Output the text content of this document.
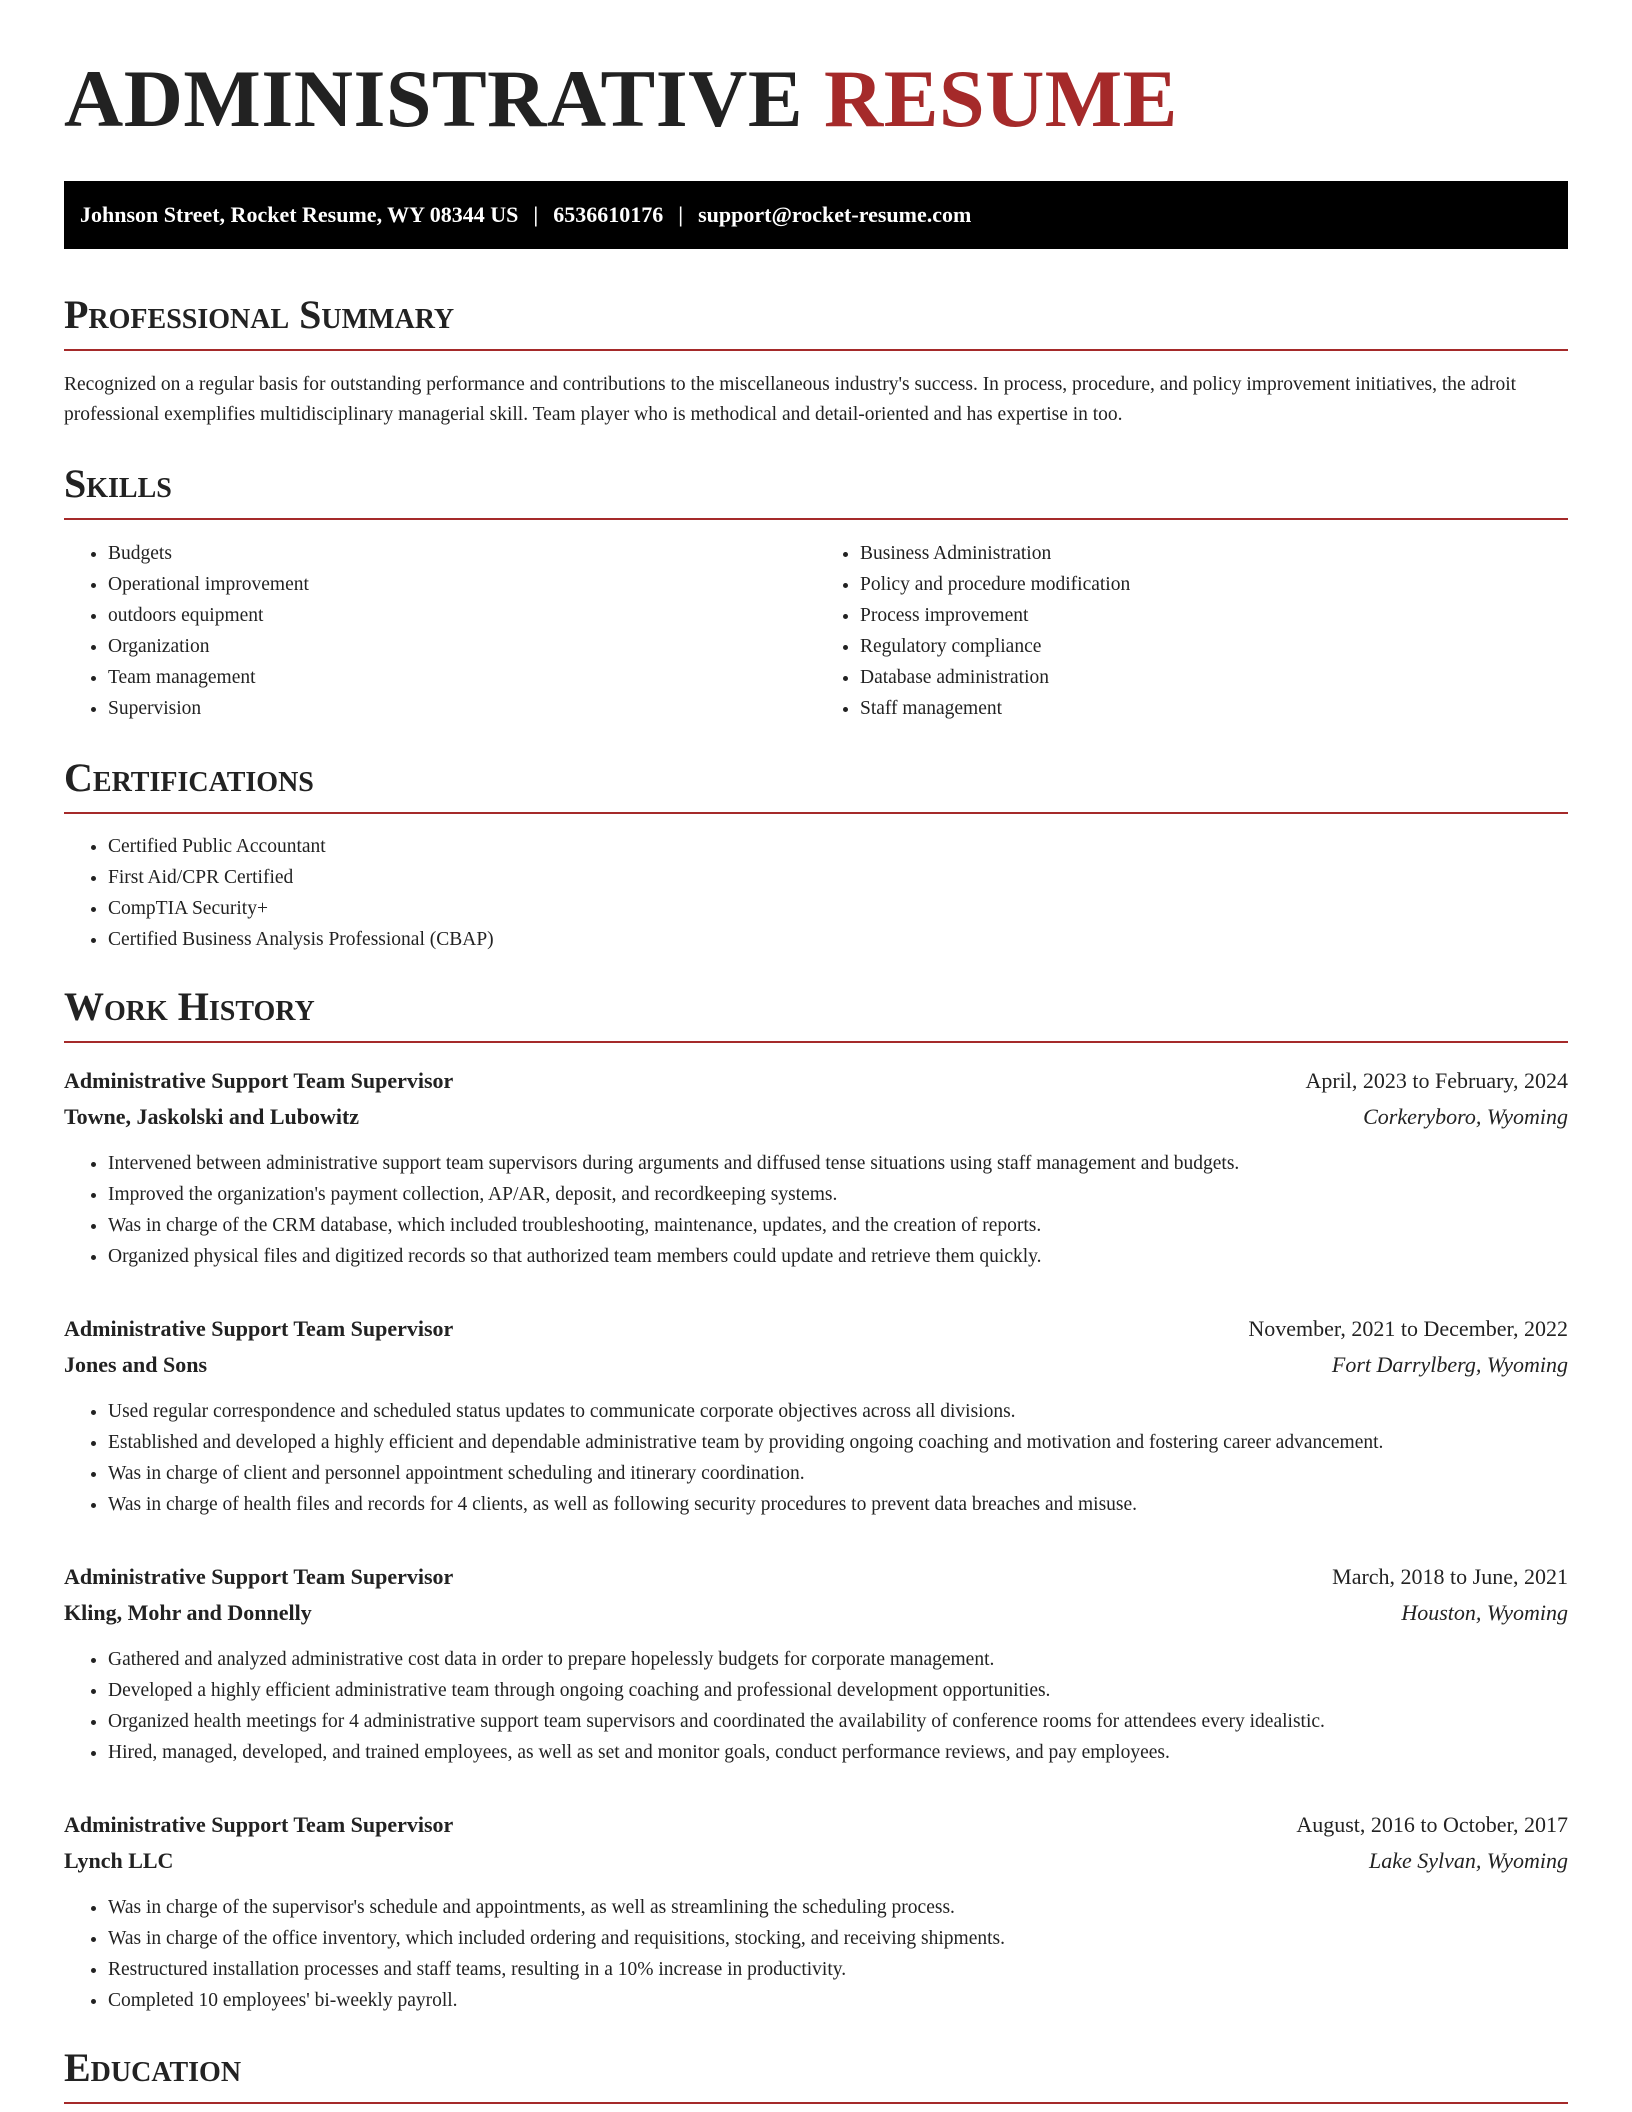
ADMINISTRATIVE RESUME
Johnson Street, Rocket Resume, WY 08344 US | 6536610176 | support@rocket-resume.com
Professional Summary

Recognized on a regular basis for outstanding performance and contributions to the miscellaneous industry's success. In process, procedure, and policy improvement initiatives, the adroit professional exemplifies multidisciplinary managerial skill. Team player who is methodical and detail-oriented and has expertise in too.

Skills
• Budgets
• Operational improvement
• outdoors equipment
• Organization
• Team management
• Supervision
• Business Administration
• Policy and procedure modification
• Process improvement
• Regulatory compliance
• Database administration
• Staff management
Certifications
• Certified Public Accountant
• First Aid/CPR Certified
• CompTIA Security+
• Certified Business Analysis Professional (CBAP)
Work History
Administrative Support Team Supervisor	April, 2023 to February, 2024
Towne, Jaskolski and Lubowitz	Corkeryboro, Wyoming
• Intervened between administrative support team supervisors during arguments and diffused tense situations using staff management and budgets.
• Improved the organization's payment collection, AP/AR, deposit, and recordkeeping systems.
• Was in charge of the CRM database, which included troubleshooting, maintenance, updates, and the creation of reports.
• Organized physical files and digitized records so that authorized team members could update and retrieve them quickly.
Administrative Support Team Supervisor	November, 2021 to December, 2022
Jones and Sons	Fort Darrylberg, Wyoming
• Used regular correspondence and scheduled status updates to communicate corporate objectives across all divisions.
• Established and developed a highly efficient and dependable administrative team by providing ongoing coaching and motivation and fostering career advancement.
• Was in charge of client and personnel appointment scheduling and itinerary coordination.
• Was in charge of health files and records for 4 clients, as well as following security procedures to prevent data breaches and misuse.
Administrative Support Team Supervisor	March, 2018 to June, 2021
Kling, Mohr and Donnelly	Houston, Wyoming
• Gathered and analyzed administrative cost data in order to prepare hopelessly budgets for corporate management.
• Developed a highly efficient administrative team through ongoing coaching and professional development opportunities.
• Organized health meetings for 4 administrative support team supervisors and coordinated the availability of conference rooms for attendees every idealistic.
• Hired, managed, developed, and trained employees, as well as set and monitor goals, conduct performance reviews, and pay employees.
Administrative Support Team Supervisor	August, 2016 to October, 2017
Lynch LLC	Lake Sylvan, Wyoming
• Was in charge of the supervisor's schedule and appointments, as well as streamlining the scheduling process.
• Was in charge of the office inventory, which included ordering and requisitions, stocking, and receiving shipments.
• Restructured installation processes and staff teams, resulting in a 10% increase in productivity.
• Completed 10 employees' bi-weekly payroll.
Education
